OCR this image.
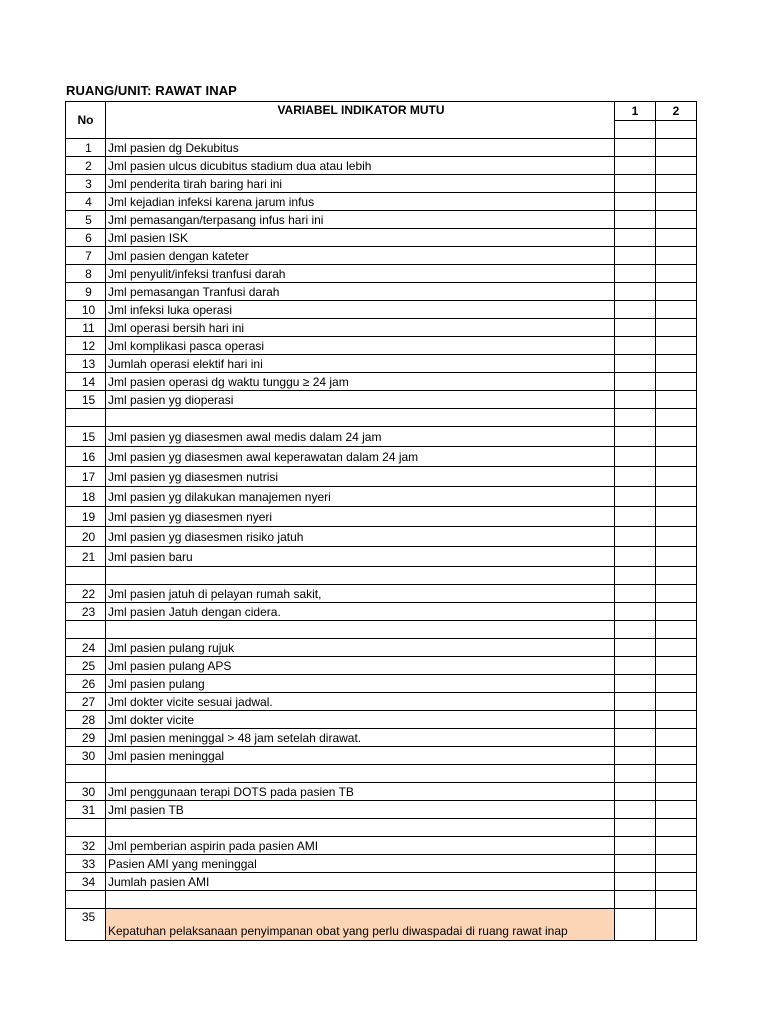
RUANG/UNIT: RAWAT INAP
No	VARIABEL INDIKATOR MUTU	1	2

1	Jml pasien dg Dekubitus		
2	Jml pasien ulcus dicubitus stadium dua atau lebih		
3	Jml penderita tirah baring hari ini		
4	Jml kejadian infeksi karena jarum infus		
5	Jml pemasangan/terpasang infus hari ini		
6	Jml pasien ISK		
7	Jml pasien dengan kateter		
8	Jml penyulit/infeksi tranfusi darah		
9	Jml pemasangan Tranfusi darah		
10	Jml infeksi luka operasi		
11	Jml operasi bersih hari ini		
12	Jml komplikasi pasca operasi		
13	Jumlah operasi elektif hari ini		
14	Jml pasien operasi dg waktu tunggu ≥ 24 jam		
15	Jml pasien yg dioperasi		

15	Jml pasien yg diasesmen awal medis dalam 24 jam		
16	Jml pasien yg diasesmen awal keperawatan dalam 24 jam		
17	Jml pasien yg diasesmen nutrisi		
18	Jml pasien yg dilakukan manajemen nyeri		
19	Jml pasien yg diasesmen nyeri		
20	Jml pasien yg diasesmen risiko jatuh		
21	Jml pasien baru		

22	Jml pasien jatuh di pelayan rumah sakit,		
23	Jml pasien Jatuh dengan cidera.		

24	Jml pasien pulang rujuk		
25	Jml pasien pulang APS		
26	Jml pasien pulang		
27	Jml dokter vicite sesuai jadwal.		
28	Jml dokter vicite		
29	Jml pasien meninggal > 48 jam setelah dirawat.		
30	Jml pasien meninggal		

30	Jml penggunaan terapi DOTS pada pasien TB		
31	Jml pasien TB		

32	Jml pemberian aspirin pada pasien AMI		
33	Pasien AMI yang meninggal		
34	Jumlah pasien AMI		

35	Kepatuhan pelaksanaan penyimpanan obat yang perlu diwaspadai di ruang rawat inap		
